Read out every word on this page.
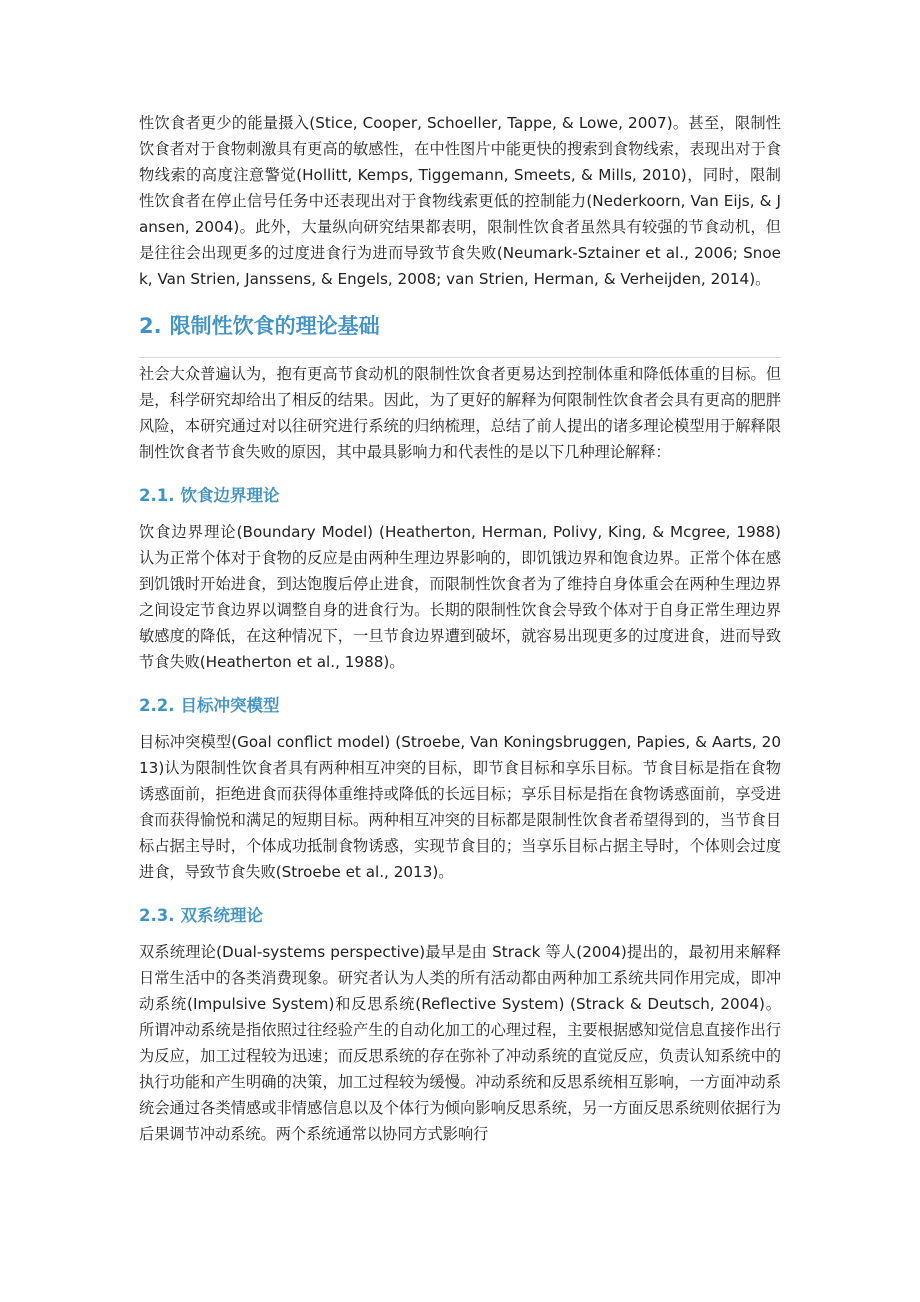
性饮食者更少的能量摄入(Stice, Cooper, Schoeller, Tappe, & Lowe, 2007)。甚至，限制性饮食者对于食物刺激具有更高的敏感性，在中性图片中能更快的搜索到食物线索，表现出对于食物线索的高度注意警觉(Hollitt, Kemps, Tiggemann, Smeets, & Mills, 2010)，同时，限制性饮食者在停止信号任务中还表现出对于食物线索更低的控制能力(Nederkoorn, Van Eijs, & Jansen, 2004)。此外，大量纵向研究结果都表明，限制性饮食者虽然具有较强的节食动机，但是往往会出现更多的过度进食行为进而导致节食失败(Neumark-Sztainer et al., 2006; Snoek, Van Strien, Janssens, & Engels, 2008; van Strien, Herman, & Verheijden, 2014)。

2. 限制性饮食的理论基础

社会大众普遍认为，抱有更高节食动机的限制性饮食者更易达到控制体重和降低体重的目标。但是，科学研究却给出了相反的结果。因此，为了更好的解释为何限制性饮食者会具有更高的肥胖风险，本研究通过对以往研究进行系统的归纳梳理，总结了前人提出的诸多理论模型用于解释限制性饮食者节食失败的原因，其中最具影响力和代表性的是以下几种理论解释：

2.1. 饮食边界理论

饮食边界理论(Boundary Model) (Heatherton, Herman, Polivy, King, & Mcgree, 1988)认为正常个体对于食物的反应是由两种生理边界影响的，即饥饿边界和饱食边界。正常个体在感到饥饿时开始进食，到达饱腹后停止进食，而限制性饮食者为了维持自身体重会在两种生理边界之间设定节食边界以调整自身的进食行为。长期的限制性饮食会导致个体对于自身正常生理边界敏感度的降低，在这种情况下，一旦节食边界遭到破坏，就容易出现更多的过度进食，进而导致节食失败(Heatherton et al., 1988)。

2.2. 目标冲突模型

目标冲突模型(Goal conflict model) (Stroebe, Van Koningsbruggen, Papies, & Aarts, 2013)认为限制性饮食者具有两种相互冲突的目标，即节食目标和享乐目标。节食目标是指在食物诱惑面前，拒绝进食而获得体重维持或降低的长远目标；享乐目标是指在食物诱惑面前，享受进食而获得愉悦和满足的短期目标。两种相互冲突的目标都是限制性饮食者希望得到的，当节食目标占据主导时，个体成功抵制食物诱惑，实现节食目的；当享乐目标占据主导时，个体则会过度进食，导致节食失败(Stroebe et al., 2013)。

2.3. 双系统理论

双系统理论(Dual-systems perspective)最早是由 Strack 等人(2004)提出的，最初用来解释日常生活中的各类消费现象。研究者认为人类的所有活动都由两种加工系统共同作用完成，即冲动系统(Impulsive System)和反思系统(Reflective System) (Strack & Deutsch, 2004)。所谓冲动系统是指依照过往经验产生的自动化加工的心理过程，主要根据感知觉信息直接作出行为反应，加工过程较为迅速；而反思系统的存在弥补了冲动系统的直觉反应，负责认知系统中的执行功能和产生明确的决策，加工过程较为缓慢。冲动系统和反思系统相互影响，一方面冲动系统会通过各类情感或非情感信息以及个体行为倾向影响反思系统，另一方面反思系统则依据行为后果调节冲动系统。两个系统通常以协同方式影响行
